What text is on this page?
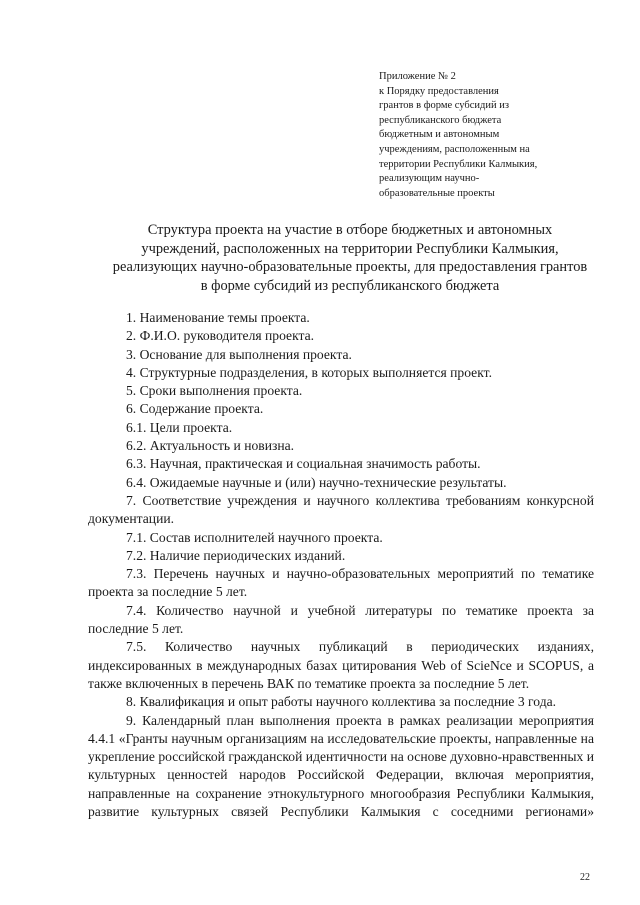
Приложение № 2
к Порядку предоставления
грантов в форме субсидий из
республиканского бюджета
бюджетным и автономным
учреждениям, расположенным на
территории Республики Калмыкия,
реализующим научно-
образовательные проекты
Структура проекта на участие в отборе бюджетных и автономных
учреждений, расположенных на территории Республики Калмыкия,
реализующих научно-образовательные проекты, для предоставления грантов
в форме субсидий из республиканского бюджета

1. Наименование темы проекта.

2. Ф.И.О. руководителя проекта.

3. Основание для выполнения проекта.

4. Структурные подразделения, в которых выполняется проект.

5. Сроки выполнения проекта.

6. Содержание проекта.

6.1. Цели проекта.

6.2. Актуальность и новизна.

6.3. Научная, практическая и социальная значимость работы.

6.4. Ожидаемые научные и (или) научно-технические результаты.

7. Соответствие учреждения и научного коллектива требованиям конкурсной документации.

7.1. Состав исполнителей научного проекта.

7.2. Наличие периодических изданий.

7.3. Перечень научных и научно-образовательных мероприятий по тематике проекта за последние 5 лет.

7.4. Количество научной и учебной литературы по тематике проекта за последние 5 лет.

7.5. Количество научных публикаций в периодических изданиях, индексированных в международных базах цитирования Web of ScieNce и SCOPUS, а также включенных в перечень ВАК по тематике проекта за последние 5 лет.

8. Квалификация и опыт работы научного коллектива за последние 3 года.

9. Календарный план выполнения проекта в рамках реализации мероприятия 4.4.1 «Гранты научным организациям на исследовательские проекты, направленные на укрепление российской гражданской идентичности на основе духовно-нравственных и культурных ценностей народов Российской Федерации, включая мероприятия, направленные на сохранение этнокультурного многообразия Республики Калмыкия, развитие культурных связей Республики Калмыкия с соседними регионами»

22
